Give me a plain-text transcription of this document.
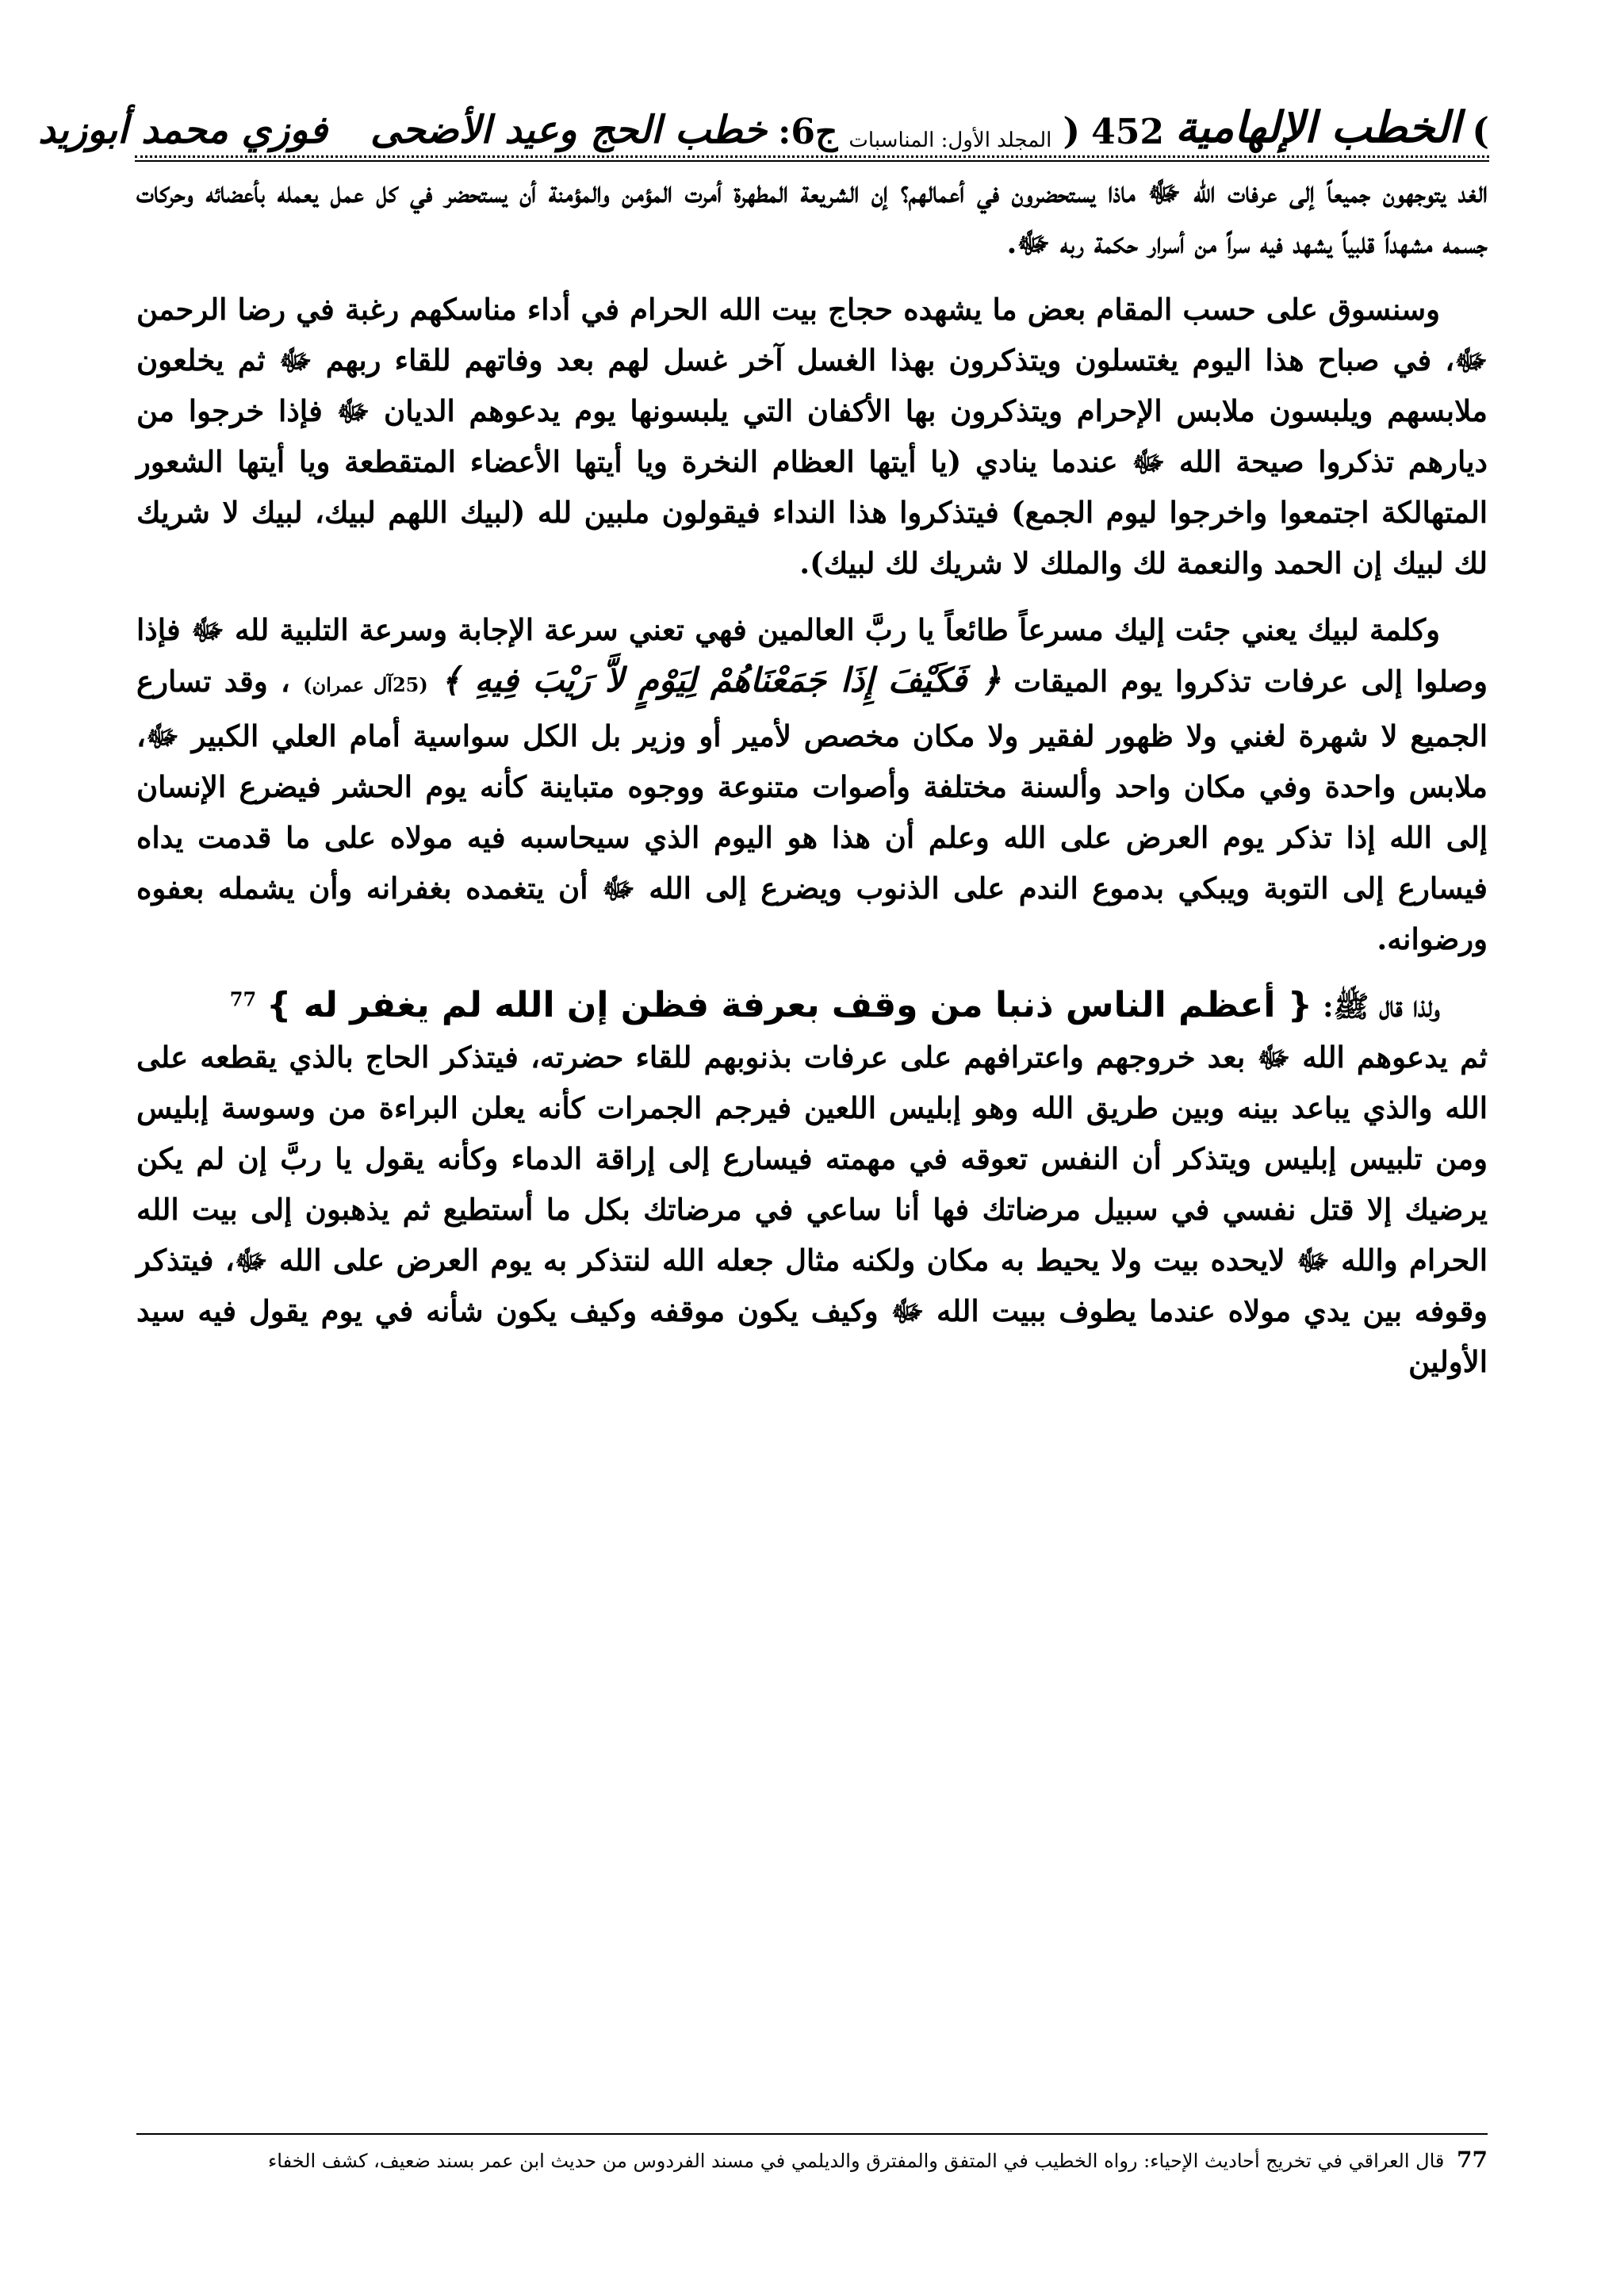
)
الخطب الإلهامية
452
(
المجلد الأول: المناسبات
ج6:
خطب الحج وعيد الأضحى
فوزي محمد أبوزيد

الغد يتوجهون جميعاً إلى عرفات الله ﷻ ماذا يستحضرون في أعمالهم؟ إن الشريعة المطهرة أمرت المؤمن والمؤمنة أن يستحضر في كل عمل يعمله بأعضائه وحركات جسمه مشهداً قلبياً يشهد فيه سراً من أسرار حكمة ربه ﷻ.

وسنسوق على حسب المقام بعض ما يشهده حجاج بيت الله الحرام في أداء مناسكهم رغبة في رضا الرحمن ﷻ، في صباح هذا اليوم يغتسلون ويتذكرون بهذا الغسل آخر غسل لهم بعد وفاتهم للقاء ربهم ﷻ ثم يخلعون ملابسهم ويلبسون ملابس الإحرام ويتذكرون بها الأكفان التي يلبسونها يوم يدعوهم الديان ﷻ فإذا خرجوا من ديارهم تذكروا صيحة الله ﷻ عندما ينادي (يا أيتها العظام النخرة ويا أيتها الأعضاء المتقطعة ويا أيتها الشعور المتهالكة اجتمعوا واخرجوا ليوم الجمع) فيتذكروا هذا النداء فيقولون ملبين لله (لبيك اللهم لبيك، لبيك لا شريك لك لبيك إن الحمد والنعمة لك والملك لا شريك لك لبيك).

وكلمة لبيك يعني جئت إليك مسرعاً طائعاً يا ربَّ العالمين فهي تعني سرعة الإجابة وسرعة التلبية لله ﷻ فإذا وصلوا إلى عرفات تذكروا يوم الميقات ﴿ فَكَيْفَ إِذَا جَمَعْنَاهُمْ لِيَوْمٍ لاَّ رَيْبَ فِيهِ ﴾ (25آل عمران) ، وقد تسارع الجميع لا شهرة لغني ولا ظهور لفقير ولا مكان مخصص لأمير أو وزير بل الكل سواسية أمام العلي الكبير ﷻ، ملابس واحدة وفي مكان واحد وألسنة مختلفة وأصوات متنوعة ووجوه متباينة كأنه يوم الحشر فيضرع الإنسان إلى الله إذا تذكر يوم العرض على الله وعلم أن هذا هو اليوم الذي سيحاسبه فيه مولاه على ما قدمت يداه فيسارع إلى التوبة ويبكي بدموع الندم على الذنوب ويضرع إلى الله ﷻ أن يتغمده بغفرانه وأن يشمله بعفوه ورضوانه.

ولذا قال ﷺ: { أعظم الناس ذنبا من وقف بعرفة فظن إن الله لم يغفر له } $^{77}$
ثم يدعوهم الله ﷻ بعد خروجهم واعترافهم على عرفات بذنوبهم للقاء حضرته، فيتذكر الحاج بالذي يقطعه على الله والذي يباعد بينه وبين طريق الله وهو إبليس اللعين فيرجم الجمرات كأنه يعلن البراءة من وسوسة إبليس ومن تلبيس إبليس ويتذكر أن النفس تعوقه في مهمته فيسارع إلى إراقة الدماء وكأنه يقول يا ربَّ إن لم يكن يرضيك إلا قتل نفسي في سبيل مرضاتك فها أنا ساعي في مرضاتك بكل ما أستطيع ثم يذهبون إلى بيت الله الحرام والله ﷻ لايحده بيت ولا يحيط به مكان ولكنه مثال جعله الله لنتذكر به يوم العرض على الله ﷻ، فيتذكر وقوفه بين يدي مولاه عندما يطوف ببيت الله ﷻ وكيف يكون موقفه وكيف يكون شأنه في يوم يقول فيه سيد الأولين

77 قال العراقي في تخريج أحاديث الإحياء: رواه الخطيب في المتفق والمفترق والديلمي في مسند الفردوس من حديث ابن عمر بسند ضعيف، كشف الخفاء
